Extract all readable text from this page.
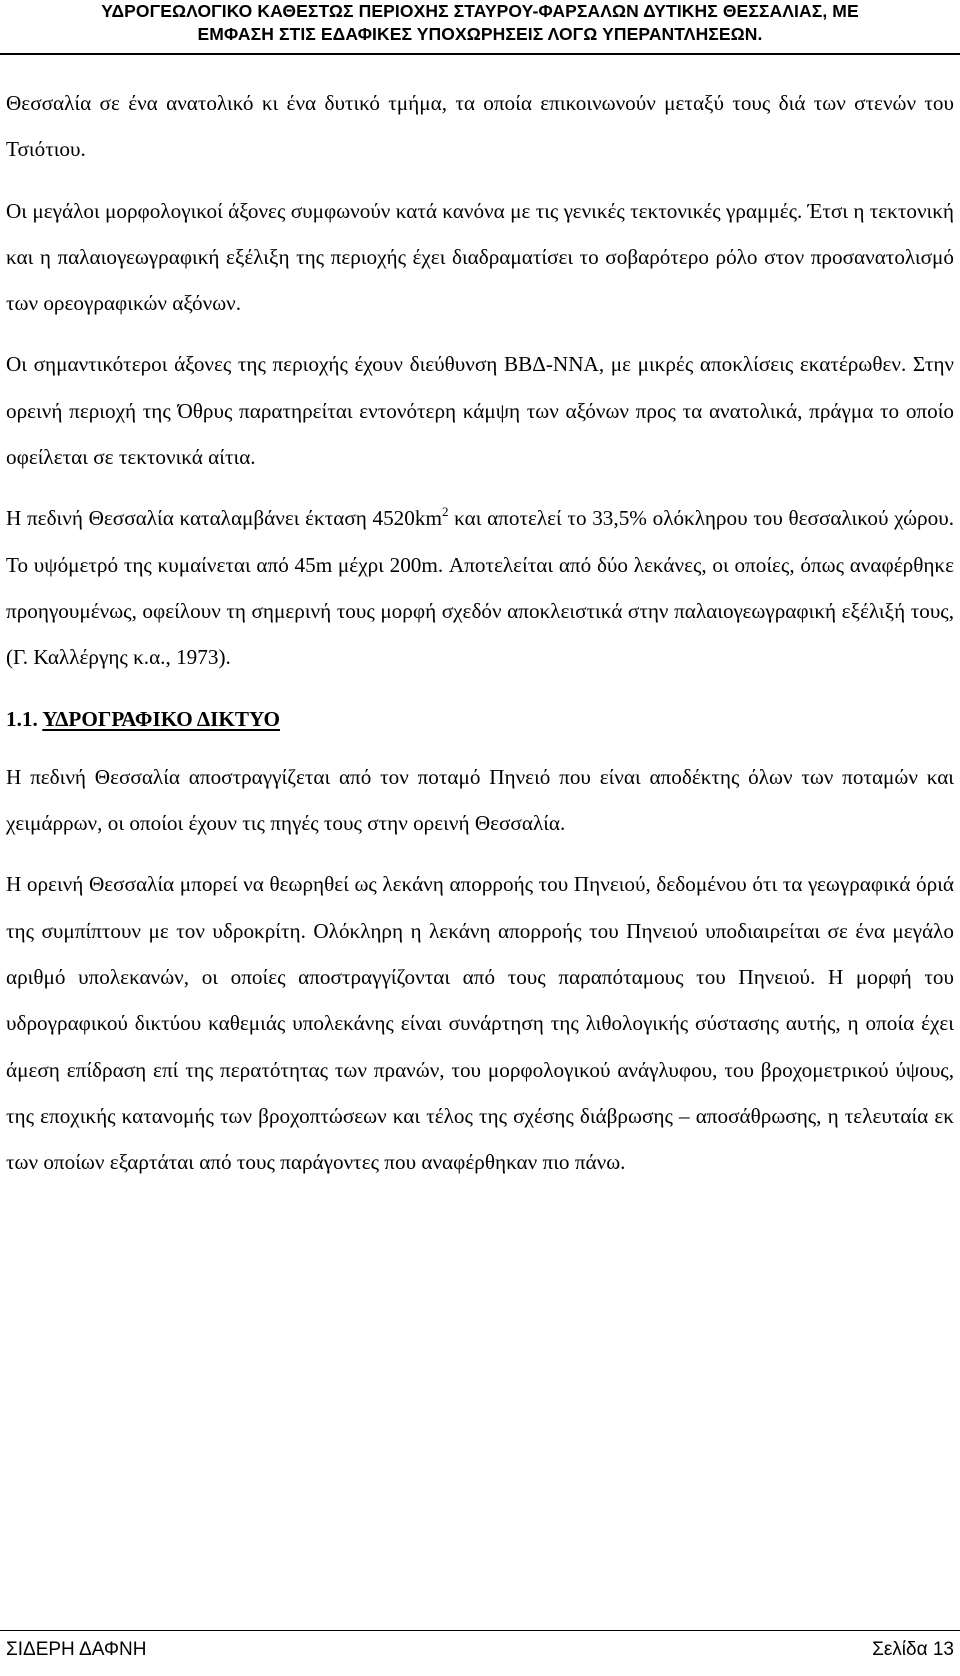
ΥΔΡΟΓΕΩΛΟΓΙΚΟ ΚΑΘΕΣΤΩΣ ΠΕΡΙΟΧΗΣ ΣΤΑΥΡΟΥ-ΦΑΡΣΑΛΩΝ ΔΥΤΙΚΗΣ ΘΕΣΣΑΛΙΑΣ, ΜΕ
ΕΜΦΑΣΗ ΣΤΙΣ ΕΔΑΦΙΚΕΣ ΥΠΟΧΩΡΗΣΕΙΣ ΛΟΓΩ ΥΠΕΡΑΝΤΛΗΣΕΩΝ.

Θεσσαλία σε ένα ανατολικό κι ένα δυτικό τμήμα, τα οποία επικοινωνούν μεταξύ τους διά των στενών του Τσιότιου.

Οι μεγάλοι μορφολογικοί άξονες συμφωνούν κατά κανόνα με τις γενικές τεκτονικές γραμμές. Έτσι η τεκτονική και η παλαιογεωγραφική εξέλιξη της περιοχής έχει διαδραματίσει το σοβαρότερο ρόλο στον προσανατολισμό των ορεογραφικών αξόνων.

Οι σημαντικότεροι άξονες της περιοχής έχουν διεύθυνση ΒΒΔ-ΝΝΑ, με μικρές αποκλίσεις εκατέρωθεν. Στην ορεινή περιοχή της Όθρυς παρατηρείται εντονότερη κάμψη των αξόνων προς τα ανατολικά, πράγμα το οποίο οφείλεται σε τεκτονικά αίτια.

Η πεδινή Θεσσαλία καταλαμβάνει έκταση $4520km^2$ και αποτελεί το 33,5% ολόκληρου του θεσσαλικού χώρου. Το υψόμετρό της κυμαίνεται από 45m μέχρι 200m. Αποτελείται από δύο λεκάνες, οι οποίες, όπως αναφέρθηκε προηγουμένως, οφείλουν τη σημερινή τους μορφή σχεδόν αποκλειστικά στην παλαιογεωγραφική εξέλιξή τους, (Γ. Καλλέργης κ.α., 1973).

1.1. ΥΔΡΟΓΡΑΦΙΚΟ ΔΙΚΤΥΟ

Η πεδινή Θεσσαλία αποστραγγίζεται από τον ποταμό Πηνειό που είναι αποδέκτης όλων των ποταμών και χειμάρρων, οι οποίοι έχουν τις πηγές τους στην ορεινή Θεσσαλία.

Η ορεινή Θεσσαλία μπορεί να θεωρηθεί ως λεκάνη απορροής του Πηνειού, δεδομένου ότι τα γεωγραφικά όριά της συμπίπτουν με τον υδροκρίτη. Ολόκληρη η λεκάνη απορροής του Πηνειού υποδιαιρείται σε ένα μεγάλο αριθμό υπολεκανών, οι οποίες αποστραγγίζονται από τους παραπόταμους του Πηνειού. Η μορφή του υδρογραφικού δικτύου καθεμιάς υπολεκάνης είναι συνάρτηση της λιθολογικής σύστασης αυτής, η οποία έχει άμεση επίδραση επί της περατότητας των πρανών, του μορφολογικού ανάγλυφου, του βροχομετρικού ύψους, της εποχικής κατανομής των βροχοπτώσεων και τέλος της σχέσης διάβρωσης – αποσάθρωσης, η τελευταία εκ των οποίων εξαρτάται από τους παράγοντες που αναφέρθηκαν πιο πάνω.

ΣΙΔΕΡΗ ΔΑΦΝΗ	Σελίδα 13
